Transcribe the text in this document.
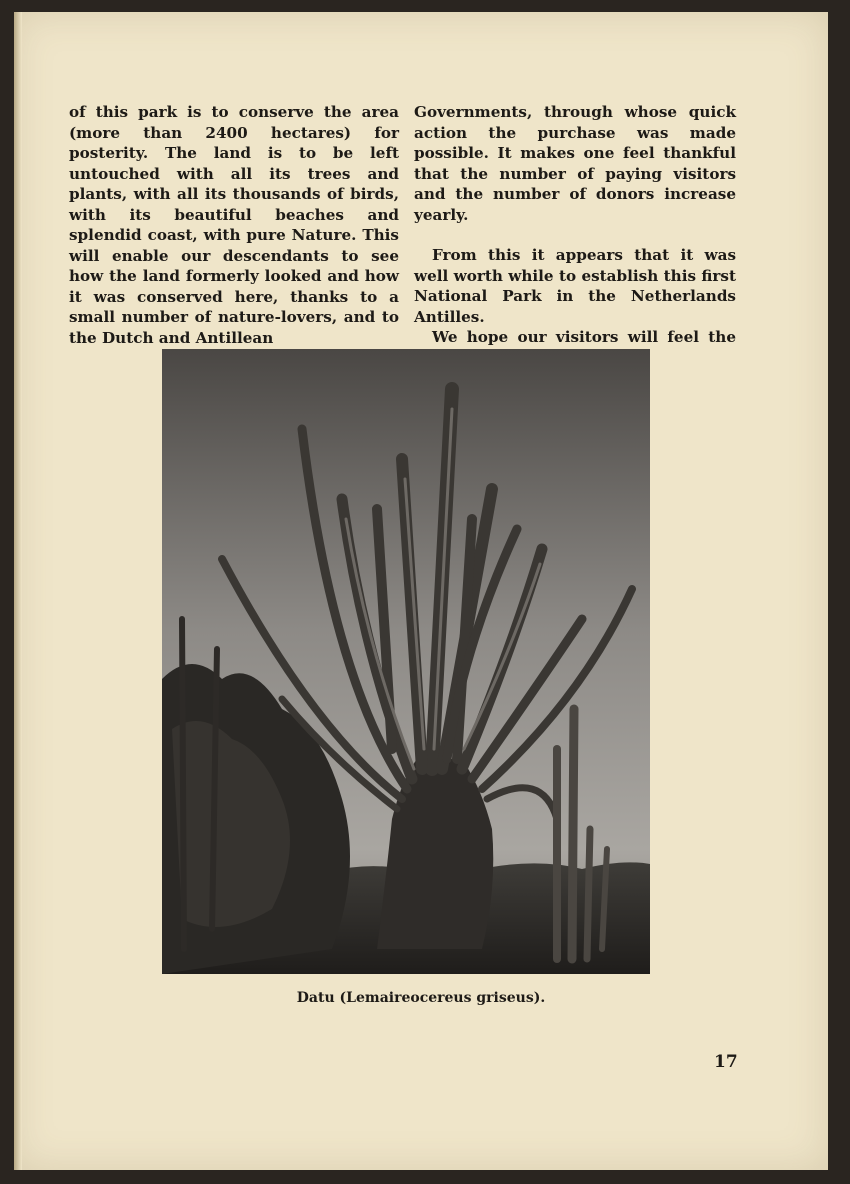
of this park is to conserve the area (more than 2400 hectares) for posterity. The land is to be left untouched with all its trees and plants, with all its thousands of birds, with its beautiful beaches and splendid coast, with pure Nature. This will enable our descendants to see how the land formerly looked and how it was conserved here, thanks to a small number of nature-lovers, and to the Dutch and Antillean

Governments, through whose quick action the purchase was made possible. It makes one feel thankful that the number of paying visitors and the number of donors increase yearly.

From this it appears that it was well worth while to establish this first National Park in the Netherlands Antilles.

We hope our visitors will feel the

Datu (Lemaireocereus griseus).
17
